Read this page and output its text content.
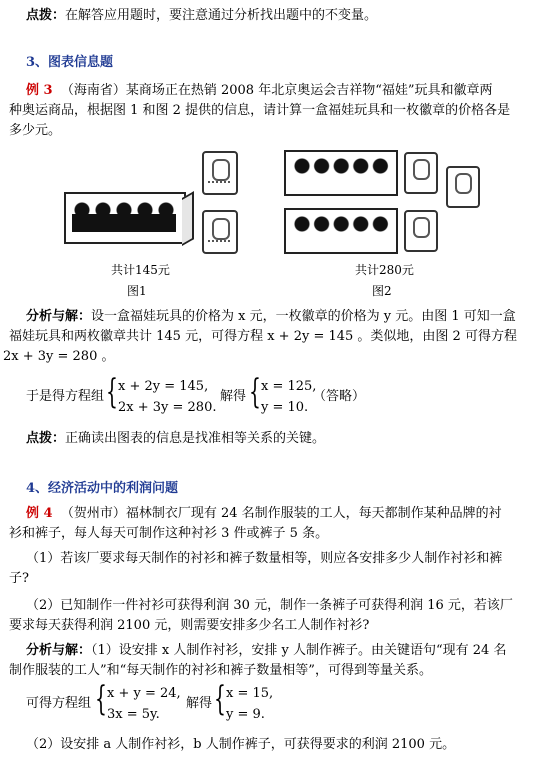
点拨：在解答应用题时，要注意通过分析找出题中的不变量。
3、图表信息题
例 3 （海南省）某商场正在热销 2008 年北京奥运会吉祥物“福娃”玩具和徽章两
种奥运商品，根据图 1 和图 2 提供的信息，请计算一盒福娃玩具和一枚徽章的价格各是
多少元。
共计145元
图1
共计280元
图2
分析与解：设一盒福娃玩具的价格为 x 元，一枚徽章的价格为 y 元。由图 1 可知一盒
福娃玩具和两枚徽章共计 145 元，可得方程 x + 2y = 145 。类似地，由图 2 可得方程
2x + 3y = 280 。
于是得方程组 { x + 2y = 145,
2x + 3y = 280.
解得 { x = 125,
y = 10.
（答略）
点拨：正确读出图表的信息是找准相等关系的关键。
4、经济活动中的利润问题
例 4 （贺州市）福林制衣厂现有 24 名制作服装的工人，每天都制作某种品牌的衬
衫和裤子，每人每天可制作这种衬衫 3 件或裤子 5 条。
（1）若该厂要求每天制作的衬衫和裤子数量相等，则应各安排多少人制作衬衫和裤
子?
（2）已知制作一件衬衫可获得利润 30 元，制作一条裤子可获得利润 16 元，若该厂
要求每天获得利润 2100 元，则需要安排多少名工人制作衬衫?
分析与解：（1）设安排 x 人制作衬衫，安排 y 人制作裤子。由关键语句“现有 24 名
制作服装的工人”和“每天制作的衬衫和裤子数量相等”，可得到等量关系。
可得方程组 { x + y = 24,
3x = 5y.
解得 { x = 15,
y = 9.
（2）设安排 a 人制作衬衫，b 人制作裤子，可获得要求的利润 2100 元。
